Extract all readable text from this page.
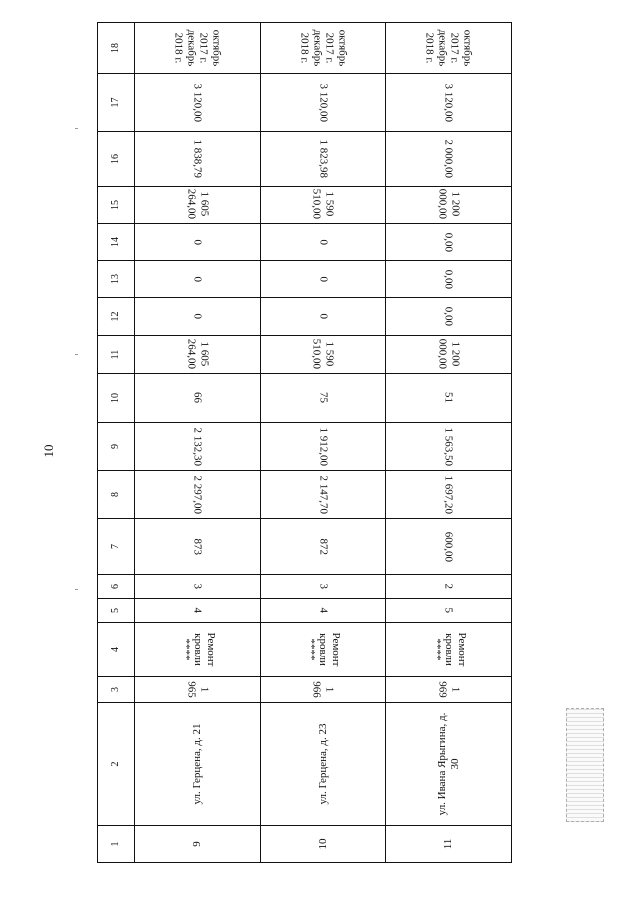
10
1	2	3	4	5	6	7	8	9	10	11	12	13	14	15	16	17	18
9	ул. Герцена, д. 21	1 965	Ремонт кровли ****	4	3	873	2 297,00	2 132,30	66	1 605 264,00	0	0	0	1 605 264,00	1 838,79	3 120,00	октябрь 2017 г. декабрь 2018 г.
10	ул. Герцена, д. 23	1 966	Ремонт кровли ****	4	3	872	2 147,70	1 912,00	75	1 590 510,00	0	0	0	1 590 510,00	1 823,98	3 120,00	октябрь 2017 г. декабрь 2018 г.
11	ул. Ивана Ярыгина, д. 30	1 969	Ремонт кровли ****	5	2	600,00	1 697,20	1 563,50	51	1 200 000,00	0,00	0,00	0,00	1 200 000,00	2 000,00	3 120,00	октябрь 2017 г. декабрь 2018 г.
